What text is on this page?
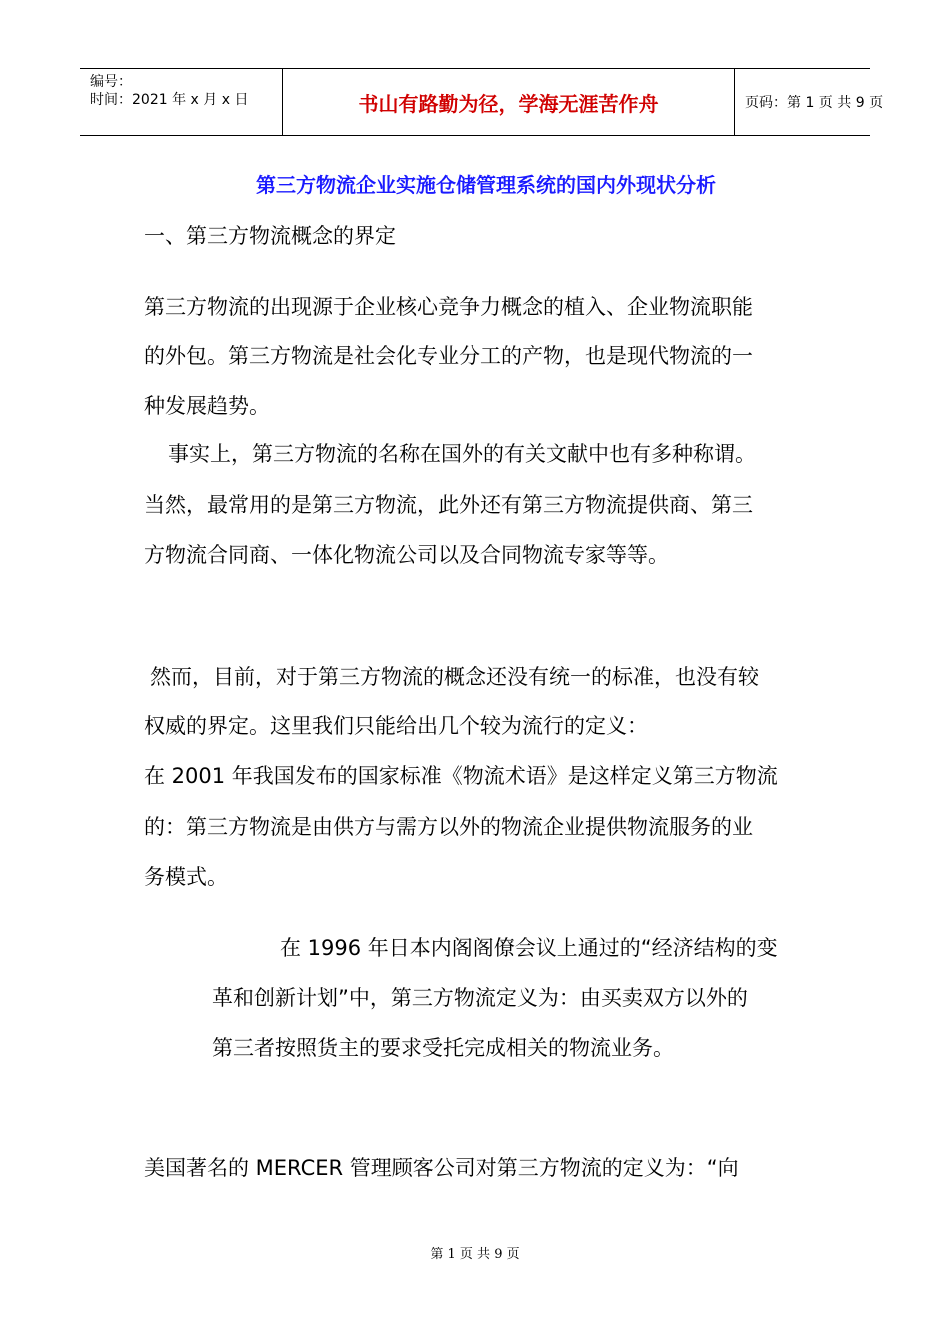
编号：
时间：2021 年 x 月 x 日	书山有路勤为径，学海无涯苦作舟	页码：第 1 页 共 9 页
第三方物流企业实施仓储管理系统的国内外现状分析
一、第三方物流概念的界定
第三方物流的出现源于企业核心竞争力概念的植入、企业物流职能
的外包。第三方物流是社会化专业分工的产物，也是现代物流的一
种发展趋势。
事实上，第三方物流的名称在国外的有关文献中也有多种称谓。
当然，最常用的是第三方物流，此外还有第三方物流提供商、第三
方物流合同商、一体化物流公司以及合同物流专家等等。
然而，目前，对于第三方物流的概念还没有统一的标准，也没有较
权威的界定。这里我们只能给出几个较为流行的定义：
在 2001 年我国发布的国家标准《物流术语》是这样定义第三方物流
的：第三方物流是由供方与需方以外的物流企业提供物流服务的业
务模式。
在 1996 年日本内阁阁僚会议上通过的“经济结构的变
革和创新计划”中，第三方物流定义为：由买卖双方以外的
第三者按照货主的要求受托完成相关的物流业务。
美国著名的 MERCER 管理顾客公司对第三方物流的定义为：“向
第 1 页 共 9 页
